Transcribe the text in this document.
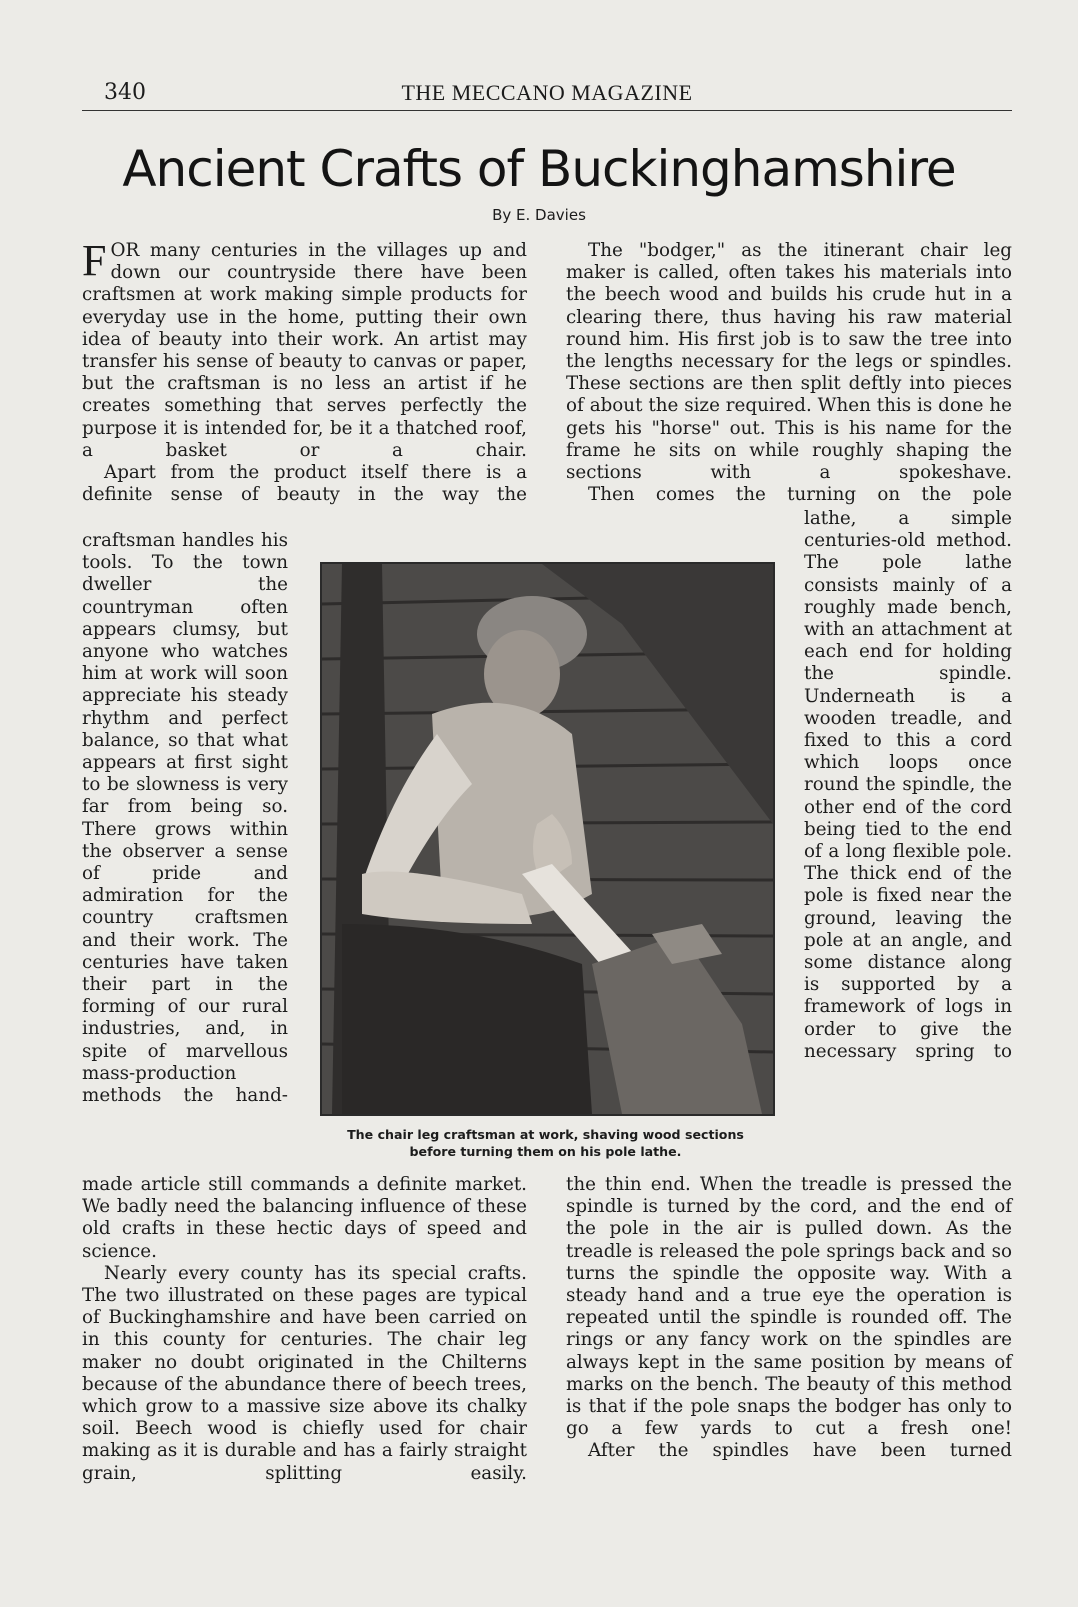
340	THE MECCANO MAGAZINE
Ancient Crafts of Buckinghamshire
By E. Davies

FOR many centuries in the villages up and down our countryside there have been craftsmen at work making simple products for everyday use in the home, putting their own idea of beauty into their work. An artist may transfer his sense of beauty to canvas or paper, but the craftsman is no less an artist if he creates something that serves perfectly the purpose it is intended for, be it a thatched roof, a basket or a chair.

Apart from the product itself there is a definite sense of beauty in the way the

craftsman handles his tools. To the town dweller the countryman often appears clumsy, but anyone who watches him at work will soon appreciate his steady rhythm and perfect balance, so that what appears at first sight to be slowness is very far from being so. There grows within the observer a sense of pride and admiration for the country craftsmen and their work. The centuries have taken their part in the forming of our rural industries, and, in spite of marvellous mass-production methods the hand-

The chair leg craftsman at work, shaving wood sections
before turning them on his pole lathe.

made article still commands a definite market. We badly need the balancing influence of these old crafts in these hectic days of speed and science.

Nearly every county has its special crafts. The two illustrated on these pages are typical of Buckinghamshire and have been carried on in this county for centuries. The chair leg maker no doubt originated in the Chilterns because of the abundance there of beech trees, which grow to a massive size above its chalky soil. Beech wood is chiefly used for chair making as it is durable and has a fairly straight grain, splitting easily.

The "bodger," as the itinerant chair leg maker is called, often takes his materials into the beech wood and builds his crude hut in a clearing there, thus having his raw material round him. His first job is to saw the tree into the lengths necessary for the legs or spindles. These sections are then split deftly into pieces of about the size required. When this is done he gets his "horse" out. This is his name for the frame he sits on while roughly shaping the sections with a spokeshave.

Then comes the turning on the pole

lathe, a simple centuries-old method. The pole lathe consists mainly of a roughly made bench, with an attachment at each end for holding the spindle. Underneath is a wooden treadle, and fixed to this a cord which loops once round the spindle, the other end of the cord being tied to the end of a long flexible pole. The thick end of the pole is fixed near the ground, leaving the pole at an angle, and some distance along is supported by a framework of logs in order to give the necessary spring to

the thin end. When the treadle is pressed the spindle is turned by the cord, and the end of the pole in the air is pulled down. As the treadle is released the pole springs back and so turns the spindle the opposite way. With a steady hand and a true eye the operation is repeated until the spindle is rounded off. The rings or any fancy work on the spindles are always kept in the same position by means of marks on the bench. The beauty of this method is that if the pole snaps the bodger has only to go a few yards to cut a fresh one!

After the spindles have been turned
